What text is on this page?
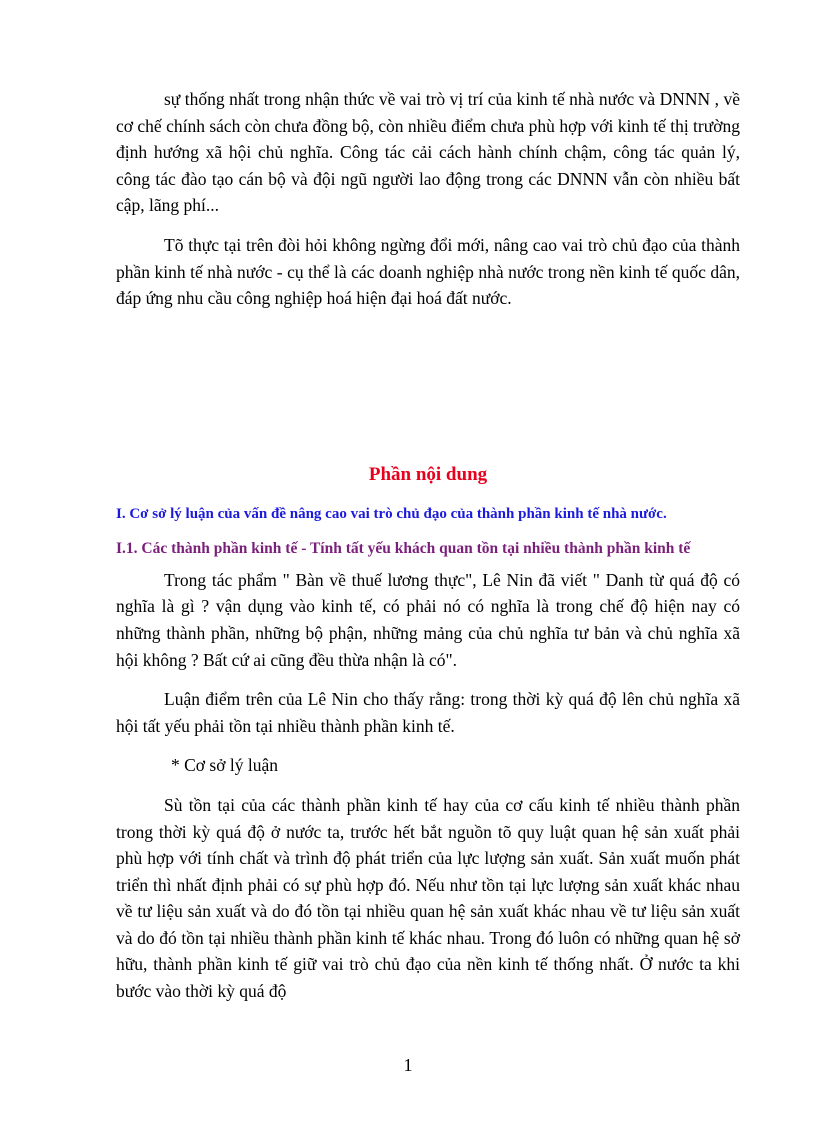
sự thống nhất trong nhận thức về vai trò vị trí của kinh tế nhà nước và DNNN , về cơ chế chính sách còn chưa đồng bộ, còn nhiều điểm chưa phù hợp với kinh tế thị trường định hướng xã hội chủ nghĩa. Công tác cải cách hành chính chậm, công tác quản lý, công tác đào tạo cán bộ và đội ngũ người lao động trong các DNNN vẫn còn nhiều bất cập, lãng phí...

Tõ thực tại trên đòi hỏi không ngừng đổi mới, nâng cao vai trò chủ đạo của thành phần kinh tế nhà nước - cụ thể là các doanh nghiệp nhà nước trong nền kinh tế quốc dân, đáp ứng nhu cầu công nghiệp hoá hiện đại hoá đất nước.

Phần nội dung
I. Cơ sở lý luận của vấn đề nâng cao vai trò chủ đạo của thành phần kinh tế nhà nước.
I.1. Các thành phần kinh tế - Tính tất yếu khách quan tồn tại nhiều thành phần kinh tế

Trong tác phẩm " Bàn về thuế lương thực", Lê Nin đã viết " Danh từ quá độ có nghĩa là gì ? vận dụng vào kinh tế, có phải nó có nghĩa là trong chế độ hiện nay có những thành phần, những bộ phận, những mảng của chủ nghĩa tư bản và chủ nghĩa xã hội không ? Bất cứ ai cũng đều thừa nhận là có".

Luận điểm trên của Lê Nin cho thấy rằng: trong thời kỳ quá độ lên chủ nghĩa xã hội tất yếu phải tồn tại nhiều thành phần kinh tế.

* Cơ sở lý luận

Sù tồn tại của các thành phần kinh tế hay của cơ cấu kinh tế nhiều thành phần trong thời kỳ quá độ ở nước ta, trước hết bắt nguồn tõ quy luật quan hệ sản xuất phải phù hợp với tính chất và trình độ phát triển của lực lượng sản xuất. Sản xuất muốn phát triển thì nhất định phải có sự phù hợp đó. Nếu như tồn tại lực lượng sản xuất khác nhau về tư liệu sản xuất và do đó tồn tại nhiều quan hệ sản xuất khác nhau về tư liệu sản xuất và do đó tồn tại nhiều thành phần kinh tế khác nhau. Trong đó luôn có những quan hệ sở hữu, thành phần kinh tế giữ vai trò chủ đạo của nền kinh tế thống nhất. Ở nước ta khi bước vào thời kỳ quá độ

1
